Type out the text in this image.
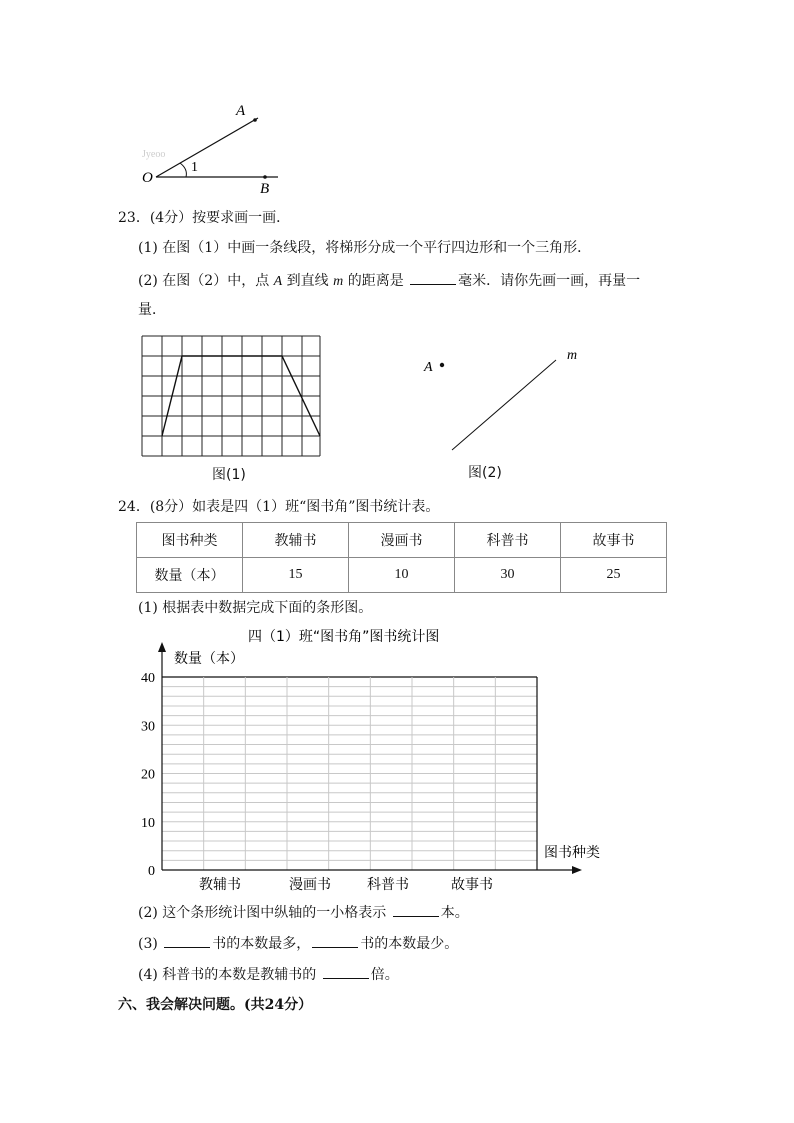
Jyeoo
A
1
O
B
23．(4分）按要求画一画．
(1) 在图（1）中画一条线段，将梯形分成一个平行四边形和一个三角形．
(2) 在图（2）中，点 A 到直线 m 的距离是	毫米．请你先画一画，再量一
量．
图(1)
A
m
图(2)
24．(8分）如表是四（1）班“图书角”图书统计表。
图书种类	教辅书	漫画书	科普书	故事书
数量（本）	15	10	30	25
(1) 根据表中数据完成下面的条形图。
四（1）班“图书角”图书统计图
数量（本）
图书种类
0
10
20
30
40
教辅书	漫画书	科普书	故事书
(2) 这个条形统计图中纵轴的一小格表示	本。
(3)	书的本数最多，	书的本数最少。
(4) 科普书的本数是教辅书的	倍。
六、我会解决问题。(共24分）
